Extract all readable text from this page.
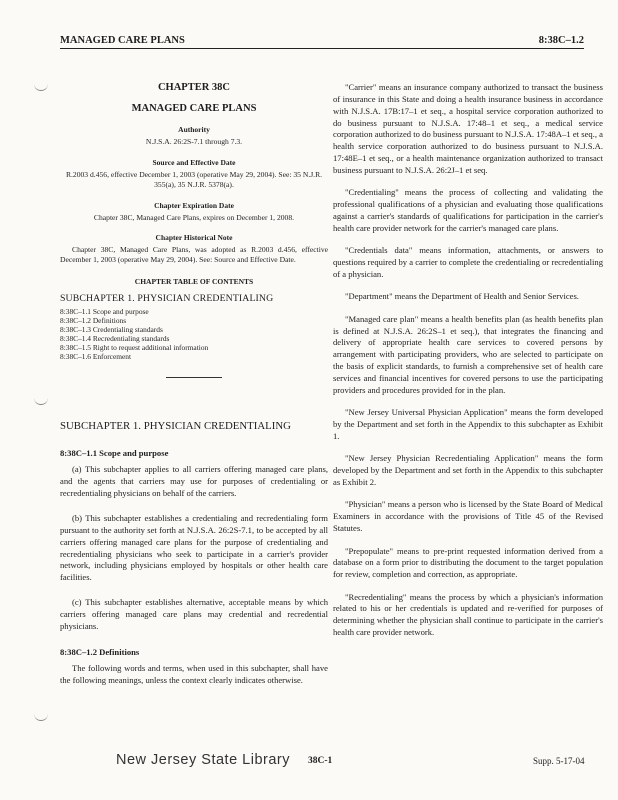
MANAGED CARE PLANS	8:38C–1.2
CHAPTER 38C
MANAGED CARE PLANS
Authority
N.J.S.A. 26:2S-7.1 through 7.3.
Source and Effective Date
R.2003 d.456, effective December 1, 2003 (operative May 29, 2004). See: 35 N.J.R. 355(a), 35 N.J.R. 5378(a).
Chapter Expiration Date
Chapter 38C, Managed Care Plans, expires on December 1, 2008.
Chapter Historical Note
Chapter 38C, Managed Care Plans, was adopted as R.2003 d.456, effective December 1, 2003 (operative May 29, 2004). See: Source and Effective Date.
CHAPTER TABLE OF CONTENTS
SUBCHAPTER 1. PHYSICIAN CREDENTIALING
8:38C–1.1 Scope and purpose
8:38C–1.2 Definitions
8:38C–1.3 Credentialing standards
8:38C–1.4 Recredentialing standards
8:38C–1.5 Right to request additional information
8:38C–1.6 Enforcement
SUBCHAPTER 1. PHYSICIAN CREDENTIALING
8:38C–1.1 Scope and purpose
(a) This subchapter applies to all carriers offering managed care plans, and the agents that carriers may use for purposes of credentialing or recredentialing physicians on behalf of the carriers.
(b) This subchapter establishes a credentialing and recredentialing form pursuant to the authority set forth at N.J.S.A. 26:2S-7.1, to be accepted by all carriers offering managed care plans for the purpose of credentialing and recredentialing physicians who seek to participate in a carrier's provider network, including physicians employed by hospitals or other health care facilities.
(c) This subchapter establishes alternative, acceptable means by which carriers offering managed care plans may credential and recredential physicians.
8:38C–1.2 Definitions
The following words and terms, when used in this subchapter, shall have the following meanings, unless the context clearly indicates otherwise.
"Carrier" means an insurance company authorized to transact the business of insurance in this State and doing a health insurance business in accordance with N.J.S.A. 17B:17–1 et seq., a hospital service corporation authorized to do business pursuant to N.J.S.A. 17:48–1 et seq., a medical service corporation authorized to do business pursuant to N.J.S.A. 17:48A–1 et seq., a health service corporation authorized to do business pursuant to N.J.S.A. 17:48E–1 et seq., or a health maintenance organization authorized to transact business pursuant to N.J.S.A. 26:2J–1 et seq.
"Credentialing" means the process of collecting and validating the professional qualifications of a physician and evaluating those qualifications against a carrier's standards of qualifications for participation in the carrier's health care provider network for the carrier's managed care plans.
"Credentials data" means information, attachments, or answers to questions required by a carrier to complete the credentialing or recredentialing of a physician.
"Department" means the Department of Health and Senior Services.
"Managed care plan" means a health benefits plan (as health benefits plan is defined at N.J.S.A. 26:2S–1 et seq.), that integrates the financing and delivery of appropriate health care services to covered persons by arrangement with participating providers, who are selected to participate on the basis of explicit standards, to furnish a comprehensive set of health care services and financial incentives for covered persons to use the participating providers and procedures provided for in the plan.
"New Jersey Universal Physician Application" means the form developed by the Department and set forth in the Appendix to this subchapter as Exhibit 1.
"New Jersey Physician Recredentialing Application" means the form developed by the Department and set forth in the Appendix to this subchapter as Exhibit 2.
"Physician" means a person who is licensed by the State Board of Medical Examiners in accordance with the provisions of Title 45 of the Revised Statutes.
"Prepopulate" means to pre-print requested information derived from a database on a form prior to distributing the document to the target population for review, completion and correction, as appropriate.
"Recredentialing" means the process by which a physician's information related to his or her credentials is updated and re-verified for purposes of determining whether the physician shall continue to participate in the carrier's health care provider network.
New Jersey State Library 38C-1	Supp. 5-17-04
